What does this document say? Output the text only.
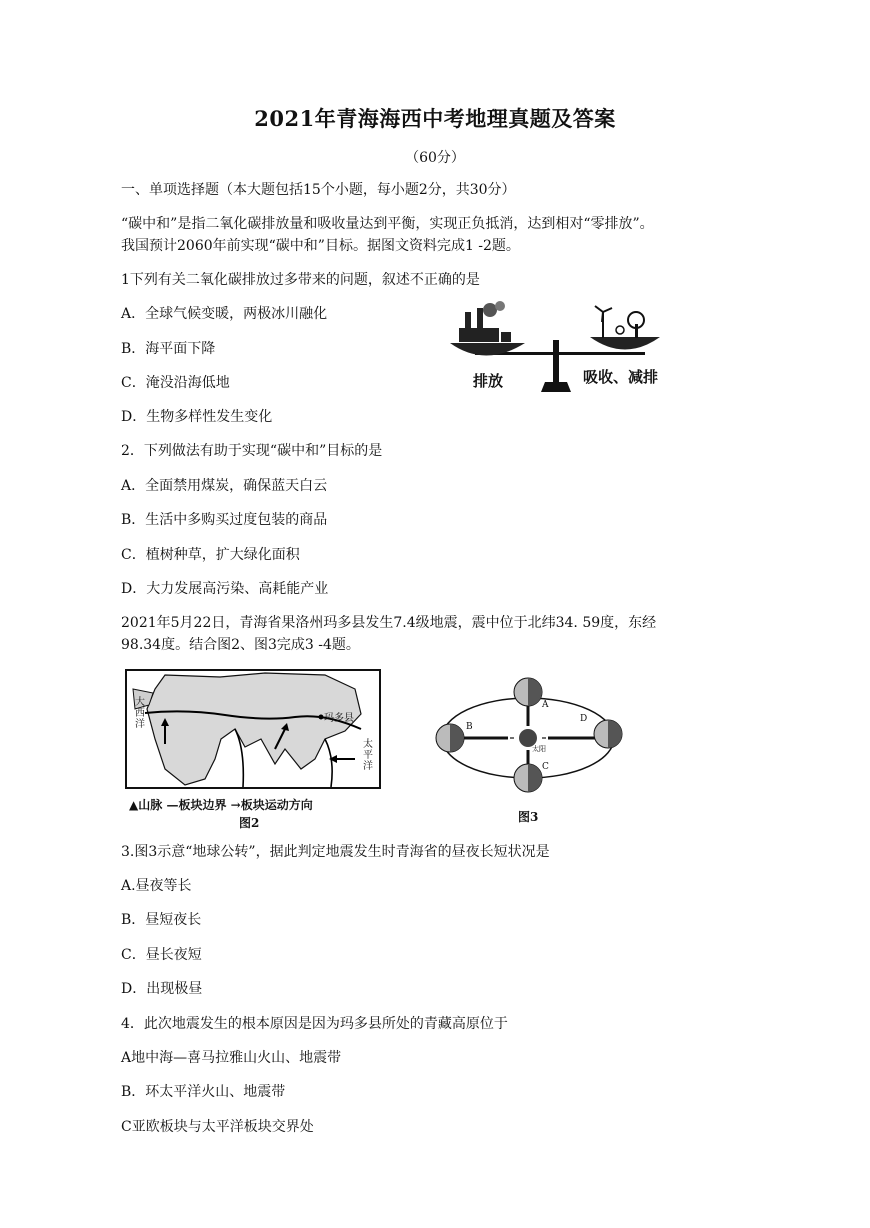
2021年青海海西中考地理真题及答案
（60分）
一、单项选择题（本大题包括15个小题，每小题2分，共30分）
“碳中和”是指二氧化碳排放量和吸收量达到平衡，实现正负抵消，达到相对“零排放”。
我国预计2060年前实现“碳中和”目标。据图文资料完成1 -2题。
1下列有关二氧化碳排放过多带来的问题，叙述不正确的是
A．全球气候变暖，两极冰川融化
B．海平面下降
C．淹没沿海低地
D．生物多样性发生变化
排放	吸收、减排
2．下列做法有助于实现“碳中和”目标的是
A．全面禁用煤炭，确保蓝天白云
B．生活中多购买过度包装的商品
C．植树种草，扩大绿化面积
D．大力发展高污染、高耗能产业
2021年5月22日，青海省果洛州玛多县发生7.4级地震，震中位于北纬34. 59度，东经
98.34度。结合图2、图3完成3 -4题。
玛多县
大西洋
太平洋
▲山脉 —板块边界 →板块运动方向
图2
A
B
C
D
太阳
图3
3.图3示意“地球公转”，据此判定地震发生时青海省的昼夜长短状况是
A.昼夜等长
B．昼短夜长
C．昼长夜短
D．出现极昼
4．此次地震发生的根本原因是因为玛多县所处的青藏高原位于
A地中海—喜马拉雅山火山、地震带
B．环太平洋火山、地震带
C亚欧板块与太平洋板块交界处
